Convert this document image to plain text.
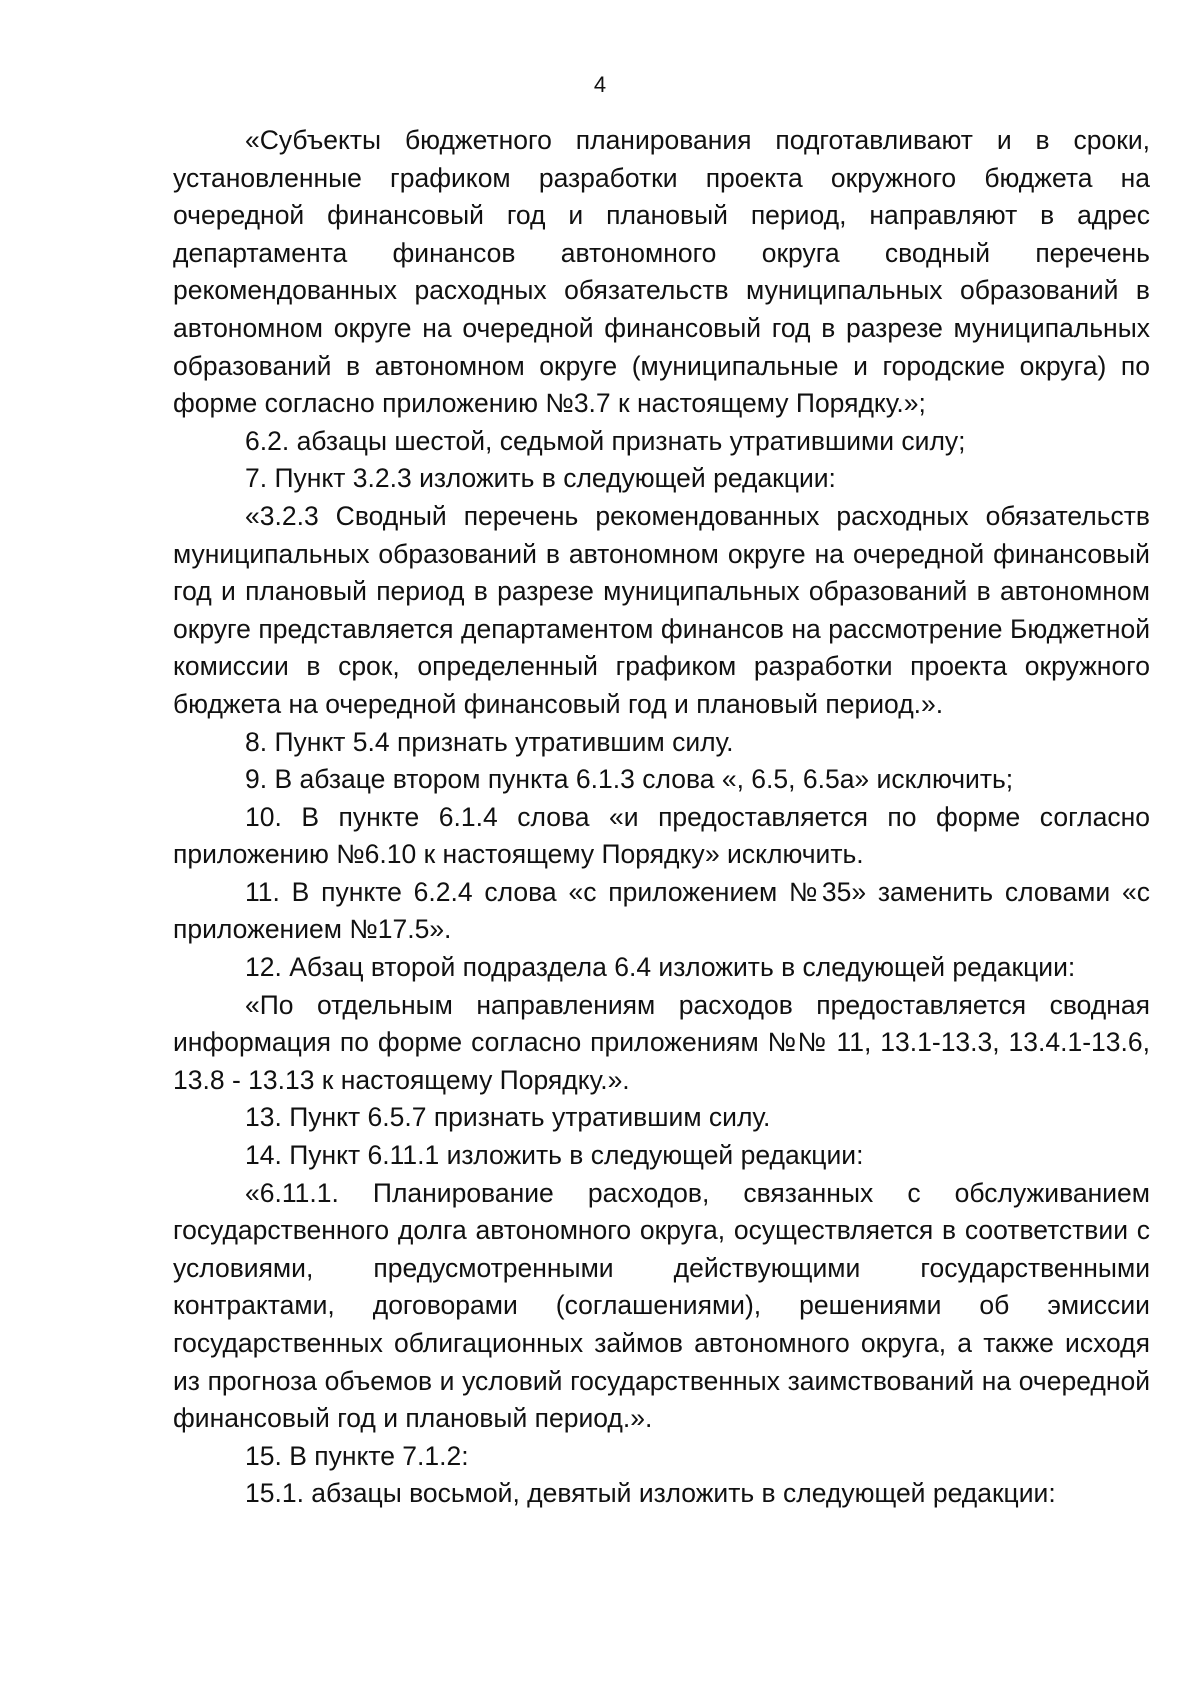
4

«Субъекты бюджетного планирования подготавливают и в сроки, установленные графиком разработки проекта окружного бюджета на очередной финансовый год и плановый период, направляют в адрес департамента финансов автономного округа сводный перечень рекомендованных расходных обязательств муниципальных образований в автономном округе на очередной финансовый год в разрезе муниципальных образований в автономном округе (муниципальные и городские округа) по форме согласно приложению №3.7 к настоящему Порядку.»;

6.2. абзацы шестой, седьмой признать утратившими силу;

7. Пункт 3.2.3 изложить в следующей редакции:

«3.2.3 Сводный перечень рекомендованных расходных обязательств муниципальных образований в автономном округе на очередной финансовый год и плановый период в разрезе муниципальных образований в автономном округе представляется департаментом финансов на рассмотрение Бюджетной комиссии в срок, определенный графиком разработки проекта окружного бюджета на очередной финансовый год и плановый период.».

8. Пункт 5.4 признать утратившим силу.

9. В абзаце втором пункта 6.1.3 слова «, 6.5, 6.5а» исключить;

10. В пункте 6.1.4 слова «и предоставляется по форме согласно приложению №6.10 к настоящему Порядку» исключить.

11. В пункте 6.2.4 слова «с приложением №35» заменить словами «с приложением №17.5».

12. Абзац второй подраздела 6.4 изложить в следующей редакции:

«По отдельным направлениям расходов предоставляется сводная информация по форме согласно приложениям №№ 11, 13.1-13.3, 13.4.1-13.6, 13.8 - 13.13 к настоящему Порядку.».

13. Пункт 6.5.7 признать утратившим силу.

14. Пункт 6.11.1 изложить в следующей редакции:

«6.11.1. Планирование расходов, связанных с обслуживанием государственного долга автономного округа, осуществляется в соответствии с условиями, предусмотренными действующими государственными контрактами, договорами (соглашениями), решениями об эмиссии государственных облигационных займов автономного округа, а также исходя из прогноза объемов и условий государственных заимствований на очередной финансовый год и плановый период.».

15. В пункте 7.1.2:

15.1. абзацы восьмой, девятый изложить в следующей редакции:
